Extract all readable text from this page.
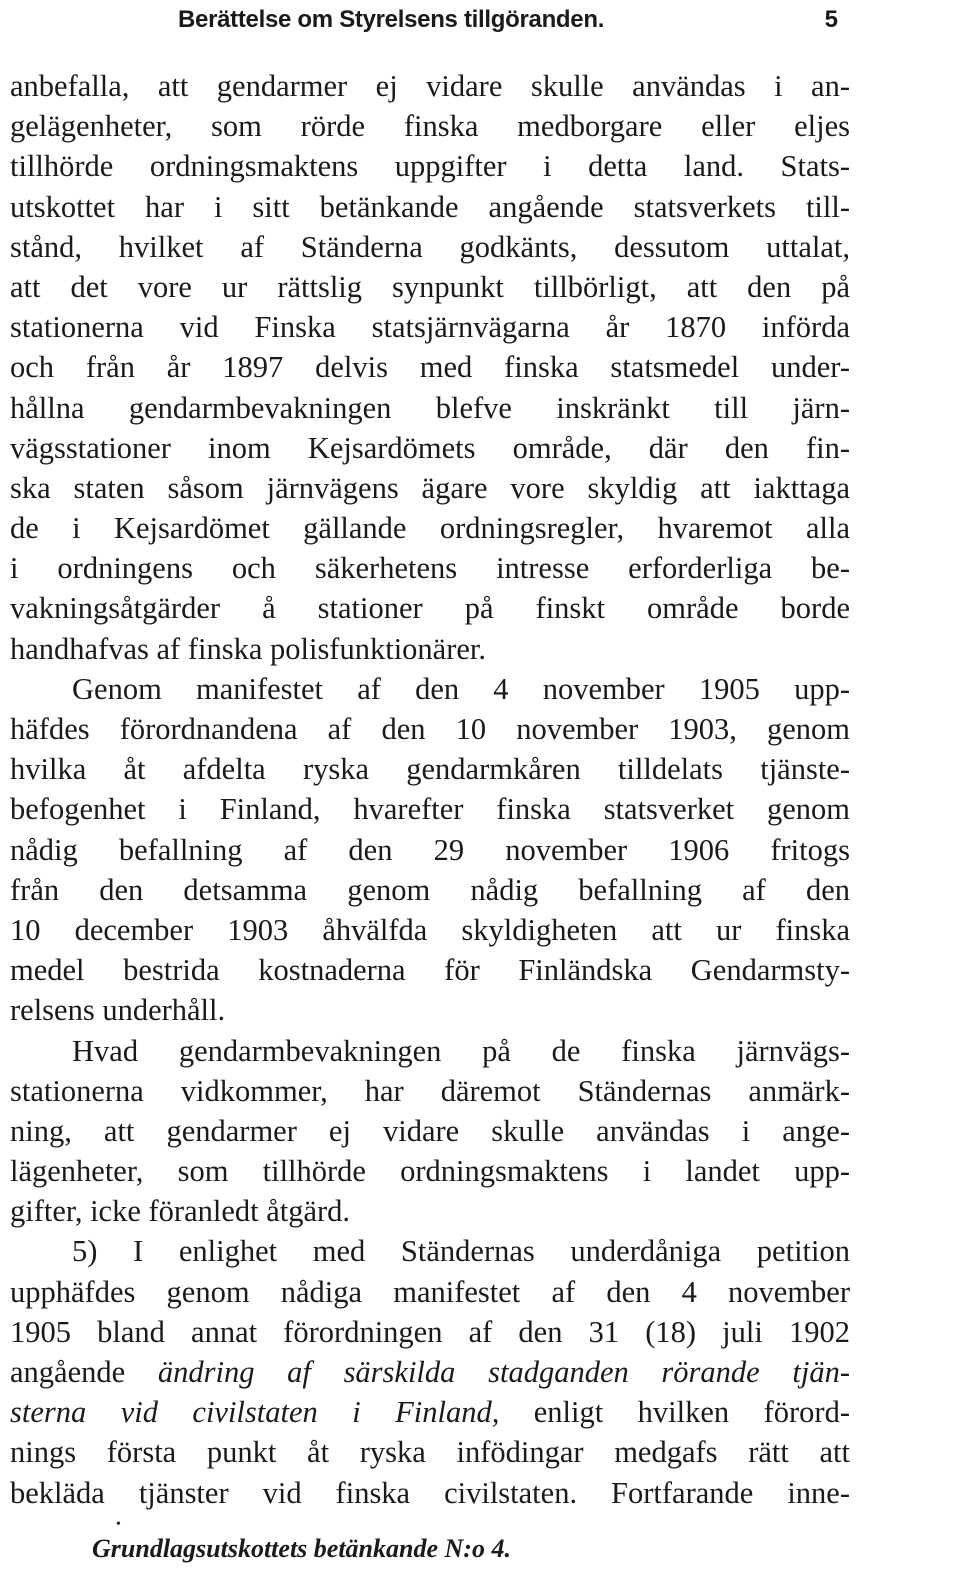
Berättelse om Styrelsens tillgöranden.	5
anbefalla, att gendarmer ej vidare skulle användas i an-
gelägenheter, som rörde finska medborgare eller eljes
tillhörde ordningsmaktens uppgifter i detta land. Stats-
utskottet har i sitt betänkande angående statsverkets till-
stånd, hvilket af Ständerna godkänts, dessutom uttalat,
att det vore ur rättslig synpunkt tillbörligt, att den på
stationerna vid Finska statsjärnvägarna år 1870 införda
och från år 1897 delvis med finska statsmedel under-
hållna gendarmbevakningen blefve inskränkt till järn-
vägsstationer inom Kejsardömets område, där den fin-
ska staten såsom järnvägens ägare vore skyldig att iakttaga
de i Kejsardömet gällande ordningsregler, hvaremot alla
i ordningens och säkerhetens intresse erforderliga be-
vakningsåtgärder å stationer på finskt område borde
handhafvas af finska polisfunktionärer.
Genom manifestet af den 4 november 1905 upp-
häfdes förordnandena af den 10 november 1903, genom
hvilka åt afdelta ryska gendarmkåren tilldelats tjänste-
befogenhet i Finland, hvarefter finska statsverket genom
nådig befallning af den 29 november 1906 fritogs
från den detsamma genom nådig befallning af den
10 december 1903 åhvälfda skyldigheten att ur finska
medel bestrida kostnaderna för Finländska Gendarmsty-
relsens underhåll.
Hvad gendarmbevakningen på de finska järnvägs-
stationerna vidkommer, har däremot Ständernas anmärk-
ning, att gendarmer ej vidare skulle användas i ange-
lägenheter, som tillhörde ordningsmaktens i landet upp-
gifter, icke föranledt åtgärd.
5) I enlighet med Ständernas underdåniga petition
upphäfdes genom nådiga manifestet af den 4 november
1905 bland annat förordningen af den 31 (18) juli 1902
angående ändring af särskilda stadganden rörande tjän-
sterna vid civilstaten i Finland, enligt hvilken förord-
nings första punkt åt ryska infödingar medgafs rätt att
bekläda tjänster vid finska civilstaten. Fortfarande inne-
•
Grundlagsutskottets betänkande N:o 4.
